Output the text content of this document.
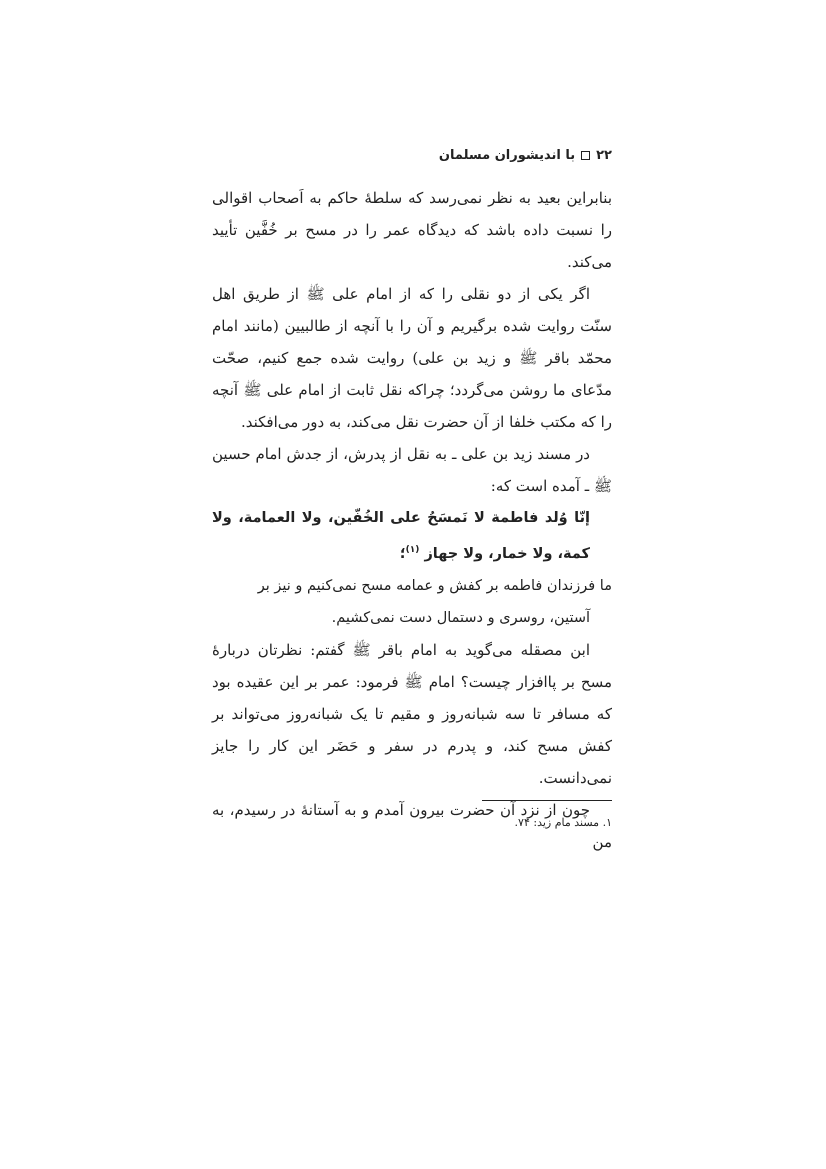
۲۲
با اندیشوران مسلمان

بنابراین بعید به نظر نمی‌رسد که سلطهٔ حاکم به اَصحاب اقوالی را نسبت داده باشد که دیدگاه عمر را در مسح بر خُفَّین تأیید می‌کند.

اگر یکی از دو نقلی را که از امام علی ﷺ از طریق اهل سنّت روایت شده برگیریم و آن را با آنچه از طالبیین (مانند امام محمّد باقر ﷺ و زید بن علی) روایت شده جمع کنیم، صحّت مدّعای ما روشن می‌گردد؛ چراکه نقل ثابت از امام علی ﷺ آنچه را که مکتب خلفا از آن حضرت نقل می‌کند، به دور می‌افکند.

در مسند زید بن علی ـ به نقل از پدرش، از جدش امام حسین ﷺ ـ آمده است که:

إنّا وُلد فاطمة لا نَمسَحُ على الخُفّين، ولا العمامة، ولا كمة، ولا خمار، ولا جهاز $^{(۱)}$؛

ما فرزندان فاطمه بر کفش و عمامه مسح نمی‌کنیم و نیز بر
آستین، روسری و دستمال دست نمی‌کشیم.

ابن مصقله می‌گوید به امام باقر ﷺ گفتم: نظرتان دربارهٔ مسح بر پاافزار چیست؟ امام ﷺ فرمود: عمر بر این عقیده بود که مسافر تا سه شبانه‌روز و مقیم تا یک شبانه‌روز می‌تواند بر کفش مسح کند، و پدرم در سفر و حَضَر این کار را جایز نمی‌دانست.

چون از نزد آن حضرت بیرون آمدم و به آستانهٔ در رسیدم، به من

۱. مسند مام زید: ۷۴.
